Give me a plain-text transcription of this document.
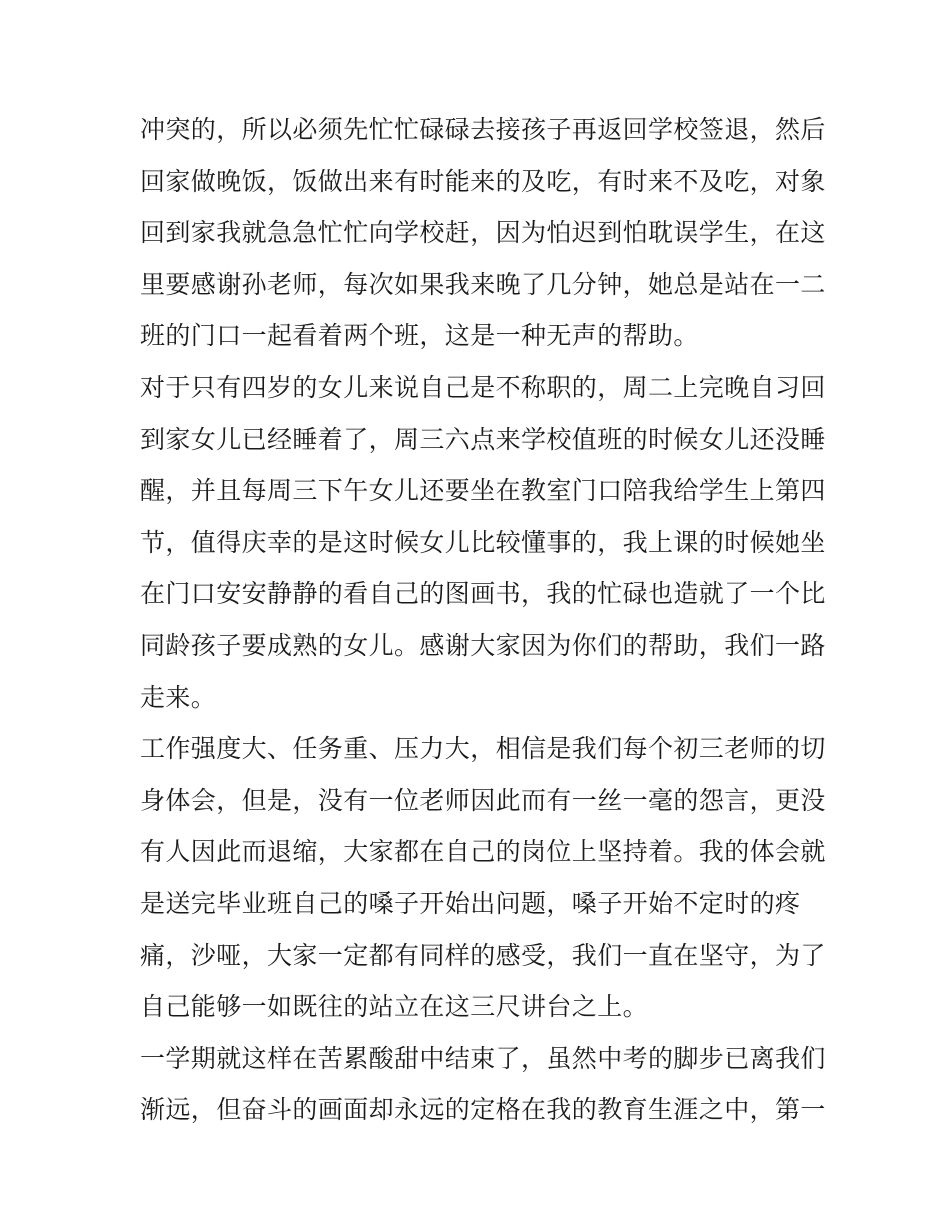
冲突的，所以必须先忙忙碌碌去接孩子再返回学校签退，然后
回家做晚饭，饭做出来有时能来的及吃，有时来不及吃，对象
回到家我就急急忙忙向学校赶，因为怕迟到怕耽误学生，在这
里要感谢孙老师，每次如果我来晚了几分钟，她总是站在一二
班的门口一起看着两个班，这是一种无声的帮助。
对于只有四岁的女儿来说自己是不称职的，周二上完晚自习回
到家女儿已经睡着了，周三六点来学校值班的时候女儿还没睡
醒，并且每周三下午女儿还要坐在教室门口陪我给学生上第四
节，值得庆幸的是这时候女儿比较懂事的，我上课的时候她坐
在门口安安静静的看自己的图画书，我的忙碌也造就了一个比
同龄孩子要成熟的女儿。感谢大家因为你们的帮助，我们一路
走来。
工作强度大、任务重、压力大，相信是我们每个初三老师的切
身体会，但是，没有一位老师因此而有一丝一毫的怨言，更没
有人因此而退缩，大家都在自己的岗位上坚持着。我的体会就
是送完毕业班自己的嗓子开始出问题，嗓子开始不定时的疼
痛，沙哑，大家一定都有同样的感受，我们一直在坚守，为了
自己能够一如既往的站立在这三尺讲台之上。
一学期就这样在苦累酸甜中结束了，虽然中考的脚步已离我们
渐远，但奋斗的画面却永远的定格在我的教育生涯之中，第一
